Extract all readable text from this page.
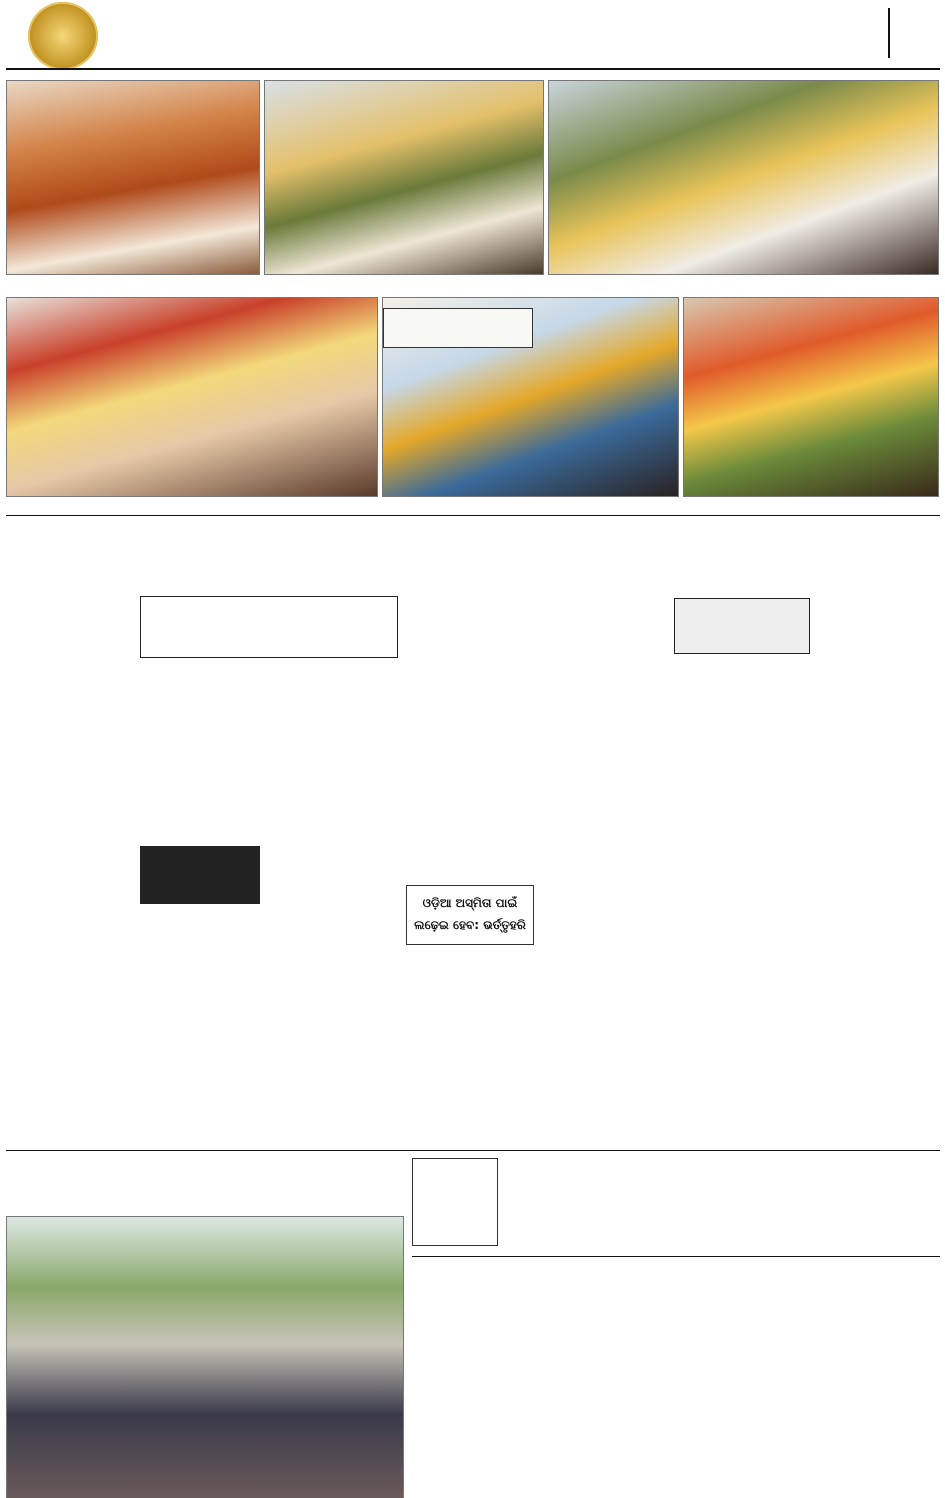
ଓଡ଼ିଆ ଅସ୍ମିତା ପାଇଁ ଲଢ଼େଇ ହେବ: ଭର୍ତ୍ତୃହରି
